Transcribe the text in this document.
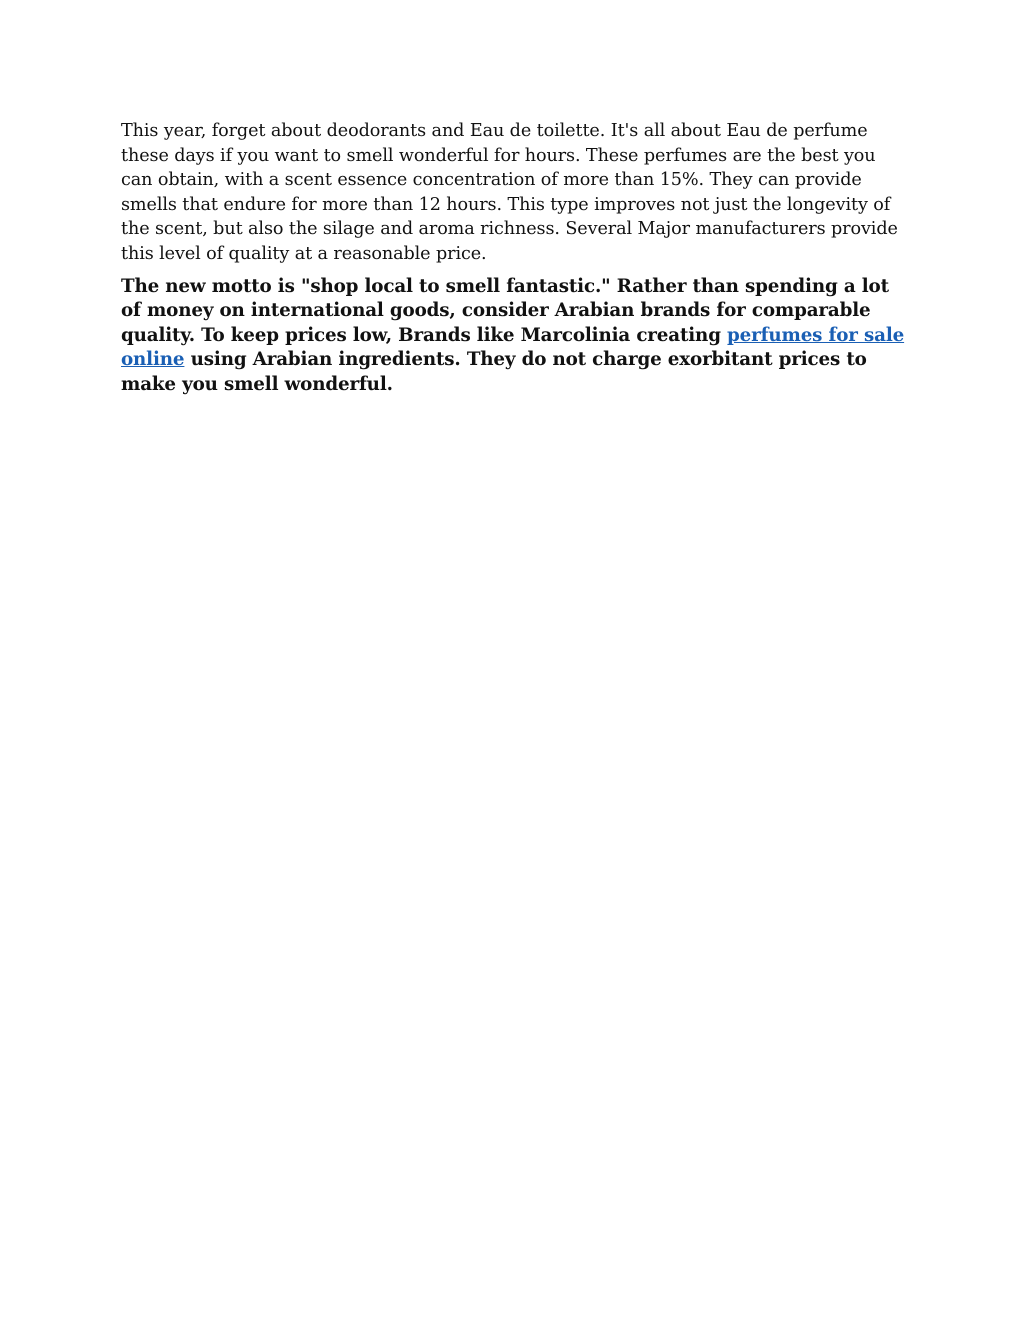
This year, forget about deodorants and Eau de toilette. It's all about Eau de perfume these days if you want to smell wonderful for hours. These perfumes are the best you can obtain, with a scent essence concentration of more than 15%. They can provide smells that endure for more than 12 hours. This type improves not just the longevity of the scent, but also the silage and aroma richness. Several Major manufacturers provide this level of quality at a reasonable price.

The new motto is "shop local to smell fantastic." Rather than spending a lot of money on international goods, consider Arabian brands for comparable quality. To keep prices low, Brands like Marcolinia creating perfumes for sale online using Arabian ingredients. They do not charge exorbitant prices to make you smell wonderful.
